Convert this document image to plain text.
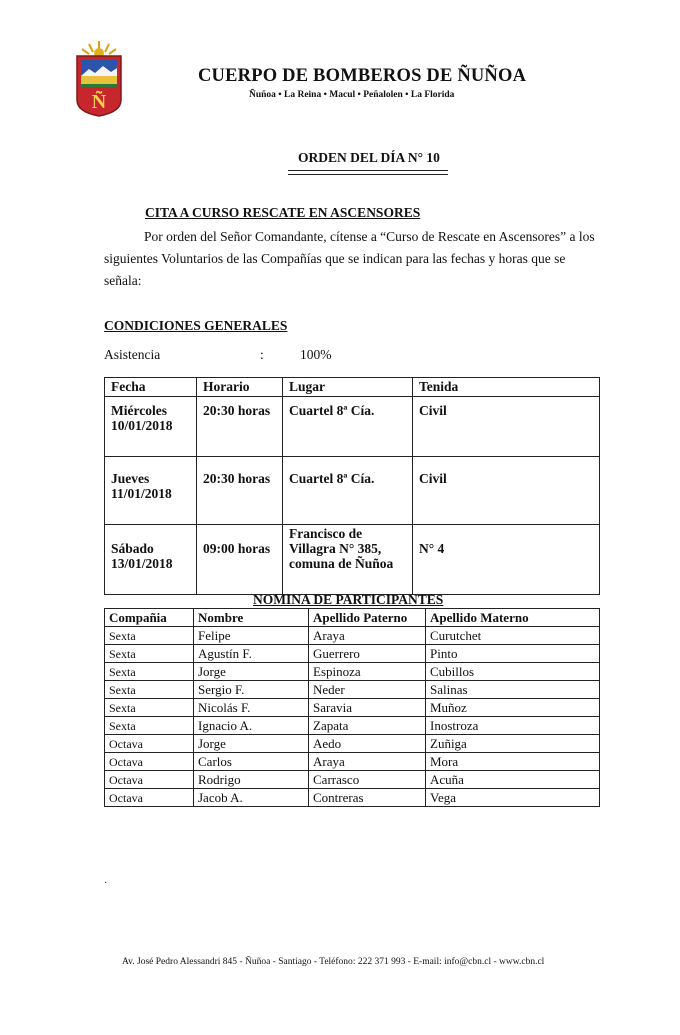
Ñ
CUERPO DE BOMBEROS DE ÑUÑOA
Ñuñoa • La Reina • Macul • Peñalolen • La Florida
ORDEN DEL DÍA N° 10
CITA A CURSO RESCATE EN ASCENSORES
Por orden del Señor Comandante, cítense a “Curso de Rescate en Ascensores” a los siguientes Voluntarios de las Compañías que se indican para las fechas y horas que se señala:
CONDICIONES GENERALES
Asistencia	:	100%
Fecha	Horario	Lugar	Tenida
Miércoles
10/01/2018	20:30 horas	Cuartel 8ª Cía.	Civil
Jueves
11/01/2018	20:30 horas	Cuartel 8ª Cía.	Civil
Sábado
13/01/2018	09:00 horas	Francisco de Villagra N° 385, comuna de Ñuñoa	N° 4
NOMINA DE PARTICIPANTES
Compañia	Nombre	Apellido Paterno	Apellido Materno
Sexta	Felipe	Araya	Curutchet
Sexta	Agustín F.	Guerrero	Pinto
Sexta	Jorge	Espinoza	Cubillos
Sexta	Sergio F.	Neder	Salinas
Sexta	Nicolás F.	Saravia	Muñoz
Sexta	Ignacio A.	Zapata	Inostroza
Octava	Jorge	Aedo	Zuñiga
Octava	Carlos	Araya	Mora
Octava	Rodrigo	Carrasco	Acuña
Octava	Jacob A.	Contreras	Vega
·
Av. José Pedro Alessandri 845 - Ñuñoa - Santiago - Teléfono: 222 371 993 - E-mail: info@cbn.cl - www.cbn.cl
